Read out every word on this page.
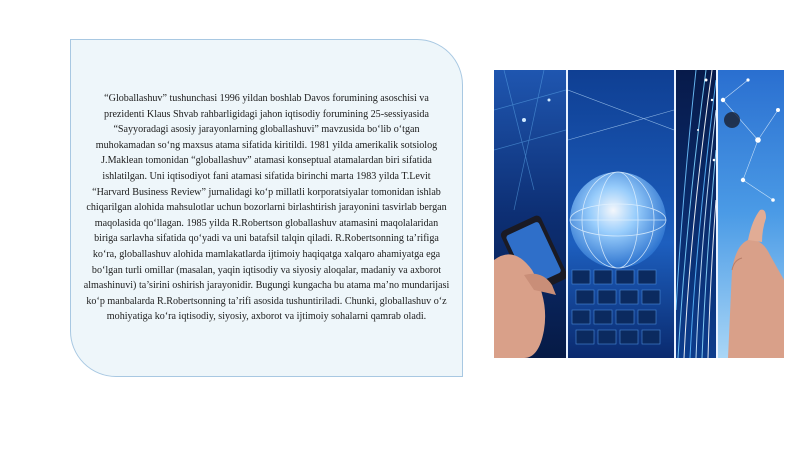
“Globallashuv” tushunchasi 1996 yildan boshlab Davos forumining asoschisi va prezidenti Klaus Shvab rahbarligidagi jahon iqtisodiy forumining 25-sessiyasida “Sayyoradagi asosiy jarayonlarning globallashuvi” mavzusida bo‘lib o‘tgan muhokamadan so‘ng maxsus atama sifatida kiritildi. 1981 yilda amerikalik sotsiolog J.Maklean tomonidan “globallashuv” atamasi konseptual atamalardan biri sifatida ishlatilgan. Uni iqtisodiyot fani atamasi sifatida birinchi marta 1983 yilda T.Levit “Harvard Business Review” jurnalidagi ko‘p millatli korporatsiyalar tomonidan ishlab chiqarilgan alohida mahsulotlar uchun bozorlarni birlashtirish jarayonini tasvirlab bergan maqolasida qo‘llagan. 1985 yilda R.Robertson globallashuv atamasini maqolalaridan biriga sarlavha sifatida qo‘yadi va uni batafsil talqin qiladi. R.Robertsonning ta’rifiga ko‘ra, globallashuv alohida mamlakatlarda ijtimoiy haqiqatga xalqaro ahamiyatga ega bo‘lgan turli omillar (masalan, yaqin iqtisodiy va siyosiy aloqalar, madaniy va axborot almashinuvi) ta’sirini oshirish jarayonidir. Bugungi kungacha bu atama ma’no mundarijasi ko‘p manbalarda R.Robertsonning ta’rifi asosida tushuntiriladi. Chunki, globallashuv o‘z mohiyatiga ko‘ra iqtisodiy, siyosiy, axborot va ijtimoiy sohalarni qamrab oladi.
